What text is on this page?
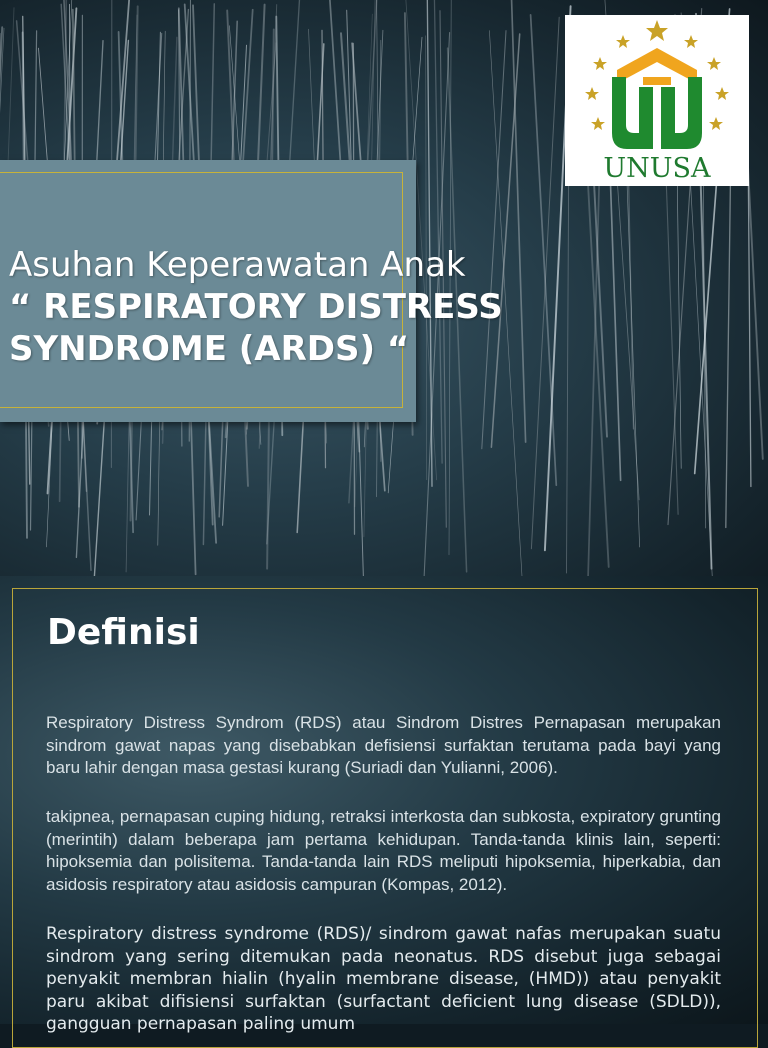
UNUSA
Asuhan Keperawatan Anak
“ RESPIRATORY DISTRESS
SYNDROME (ARDS) “
Definisi
Respiratory Distress Syndrom (RDS) atau Sindrom Distres Pernapasan merupakan sindrom gawat napas yang disebabkan defisiensi surfaktan terutama pada bayi yang baru lahir dengan masa gestasi kurang (Suriadi dan Yulianni, 2006).
takipnea, pernapasan cuping hidung, retraksi interkosta dan subkosta, expiratory grunting (merintih) dalam beberapa jam pertama kehidupan. Tanda-tanda klinis lain, seperti: hipoksemia dan polisitema. Tanda-tanda lain RDS meliputi hipoksemia, hiperkabia, dan asidosis respiratory atau asidosis campuran (Kompas, 2012).
Respiratory distress syndrome (RDS)/ sindrom gawat nafas merupakan suatu sindrom yang sering ditemukan pada neonatus. RDS disebut juga sebagai penyakit membran hialin (hyalin membrane disease, (HMD)) atau penyakit paru akibat difisiensi surfaktan (surfactant deficient lung disease (SDLD)), gangguan pernapasan paling umum
